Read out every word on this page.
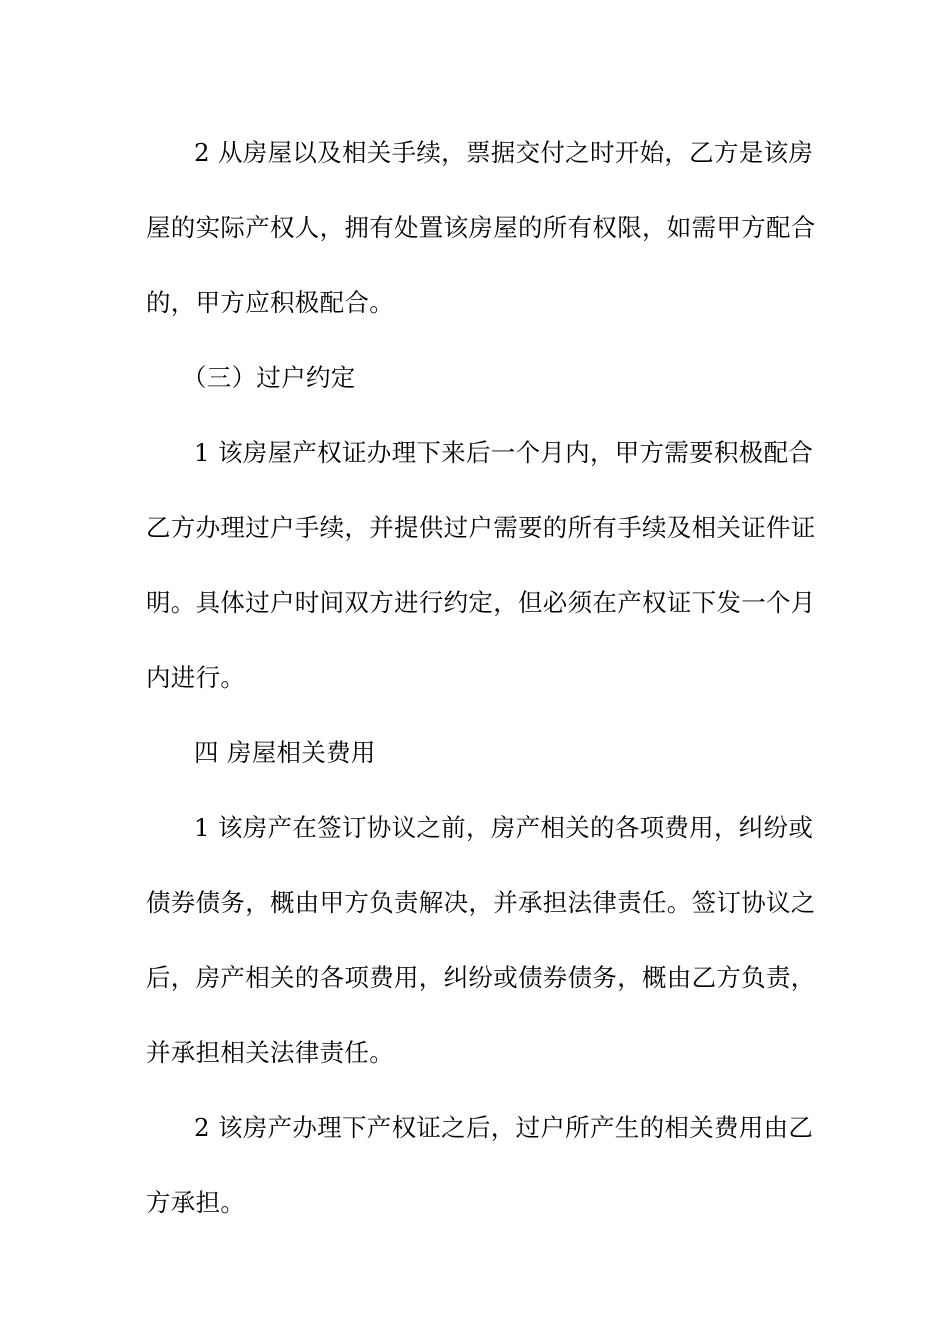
2 从房屋以及相关手续，票据交付之时开始，乙方是该房
屋的实际产权人，拥有处置该房屋的所有权限，如需甲方配合
的，甲方应积极配合。
（三）过户约定
1 该房屋产权证办理下来后一个月内，甲方需要积极配合
乙方办理过户手续，并提供过户需要的所有手续及相关证件证
明。具体过户时间双方进行约定，但必须在产权证下发一个月
内进行。
四 房屋相关费用
1 该房产在签订协议之前，房产相关的各项费用，纠纷或
债券债务，概由甲方负责解决，并承担法律责任。签订协议之
后，房产相关的各项费用，纠纷或债券债务，概由乙方负责，
并承担相关法律责任。
2 该房产办理下产权证之后，过户所产生的相关费用由乙
方承担。
